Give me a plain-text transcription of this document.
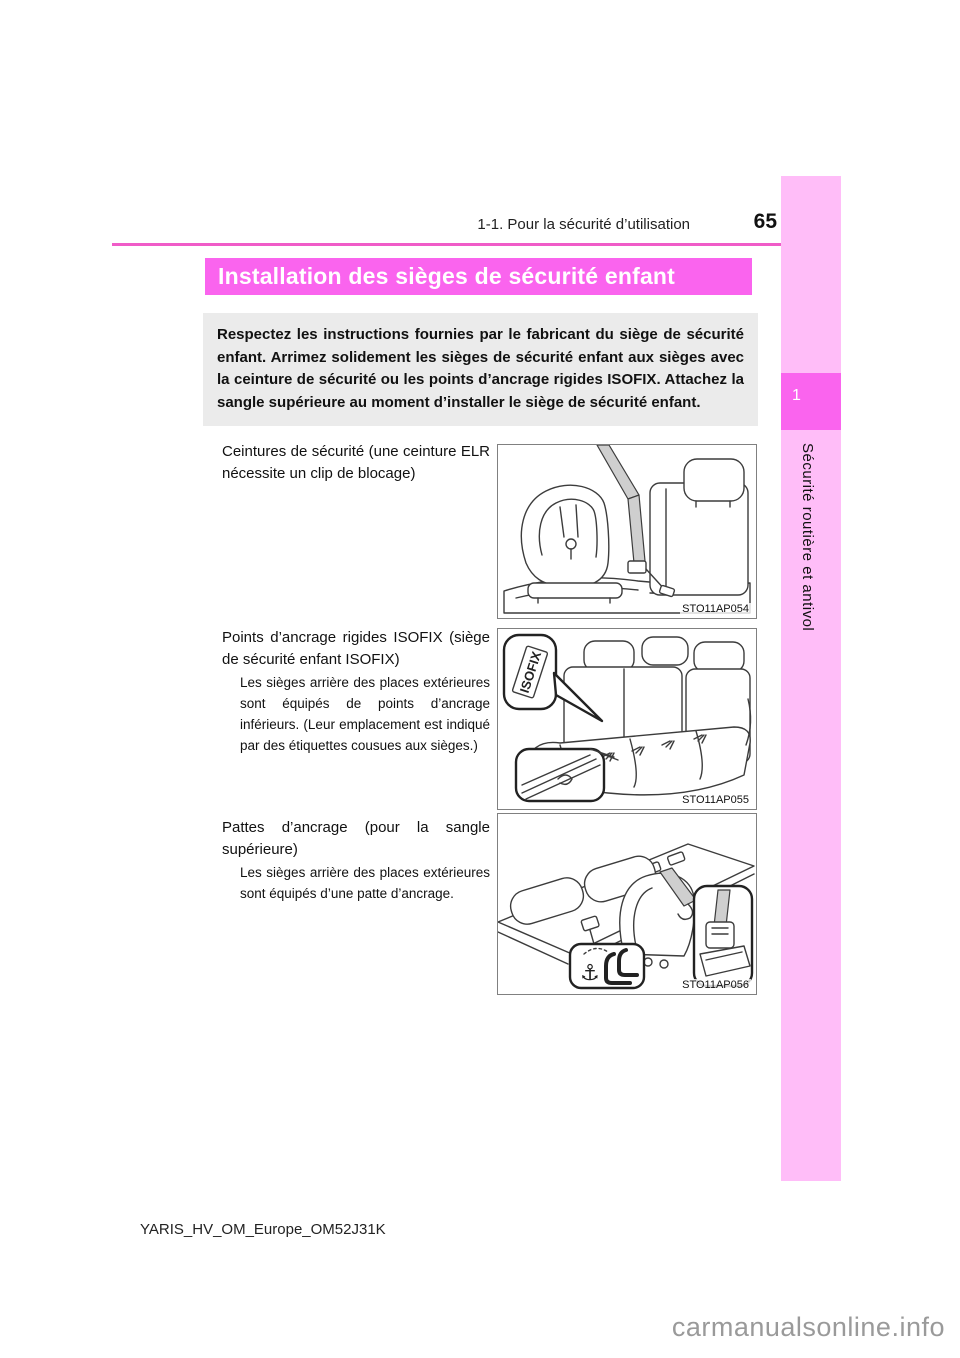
1-1. Pour la sécurité d’utilisation	65
1
Sécurité routière et antivol
Installation des sièges de sécurité enfant
Respectez les instructions fournies par le fabricant du siège de sécurité enfant. Arrimez solidement les sièges de sécurité enfant aux sièges avec la ceinture de sécurité ou les points d’ancrage rigides ISOFIX. Attachez la sangle supérieure au moment d’installer le siège de sécurité enfant.
Ceintures de sécurité (une ceinture ELR nécessite un clip de blocage)
STO11AP054
Points d’ancrage rigides ISOFIX (siège de sécurité enfant ISOFIX)
Les sièges arrière des places extérieures sont équipés de points d’ancrage inférieurs. (Leur emplacement est indiqué par des étiquettes cousues aux sièges.)
ISOFIX
STO11AP055
Pattes d’ancrage (pour la sangle supérieure)
Les sièges arrière des places extérieures sont équipés d’une patte d’ancrage.
⚓	STO11AP056
YARIS_HV_OM_Europe_OM52J31K
carmanualsonline.info
